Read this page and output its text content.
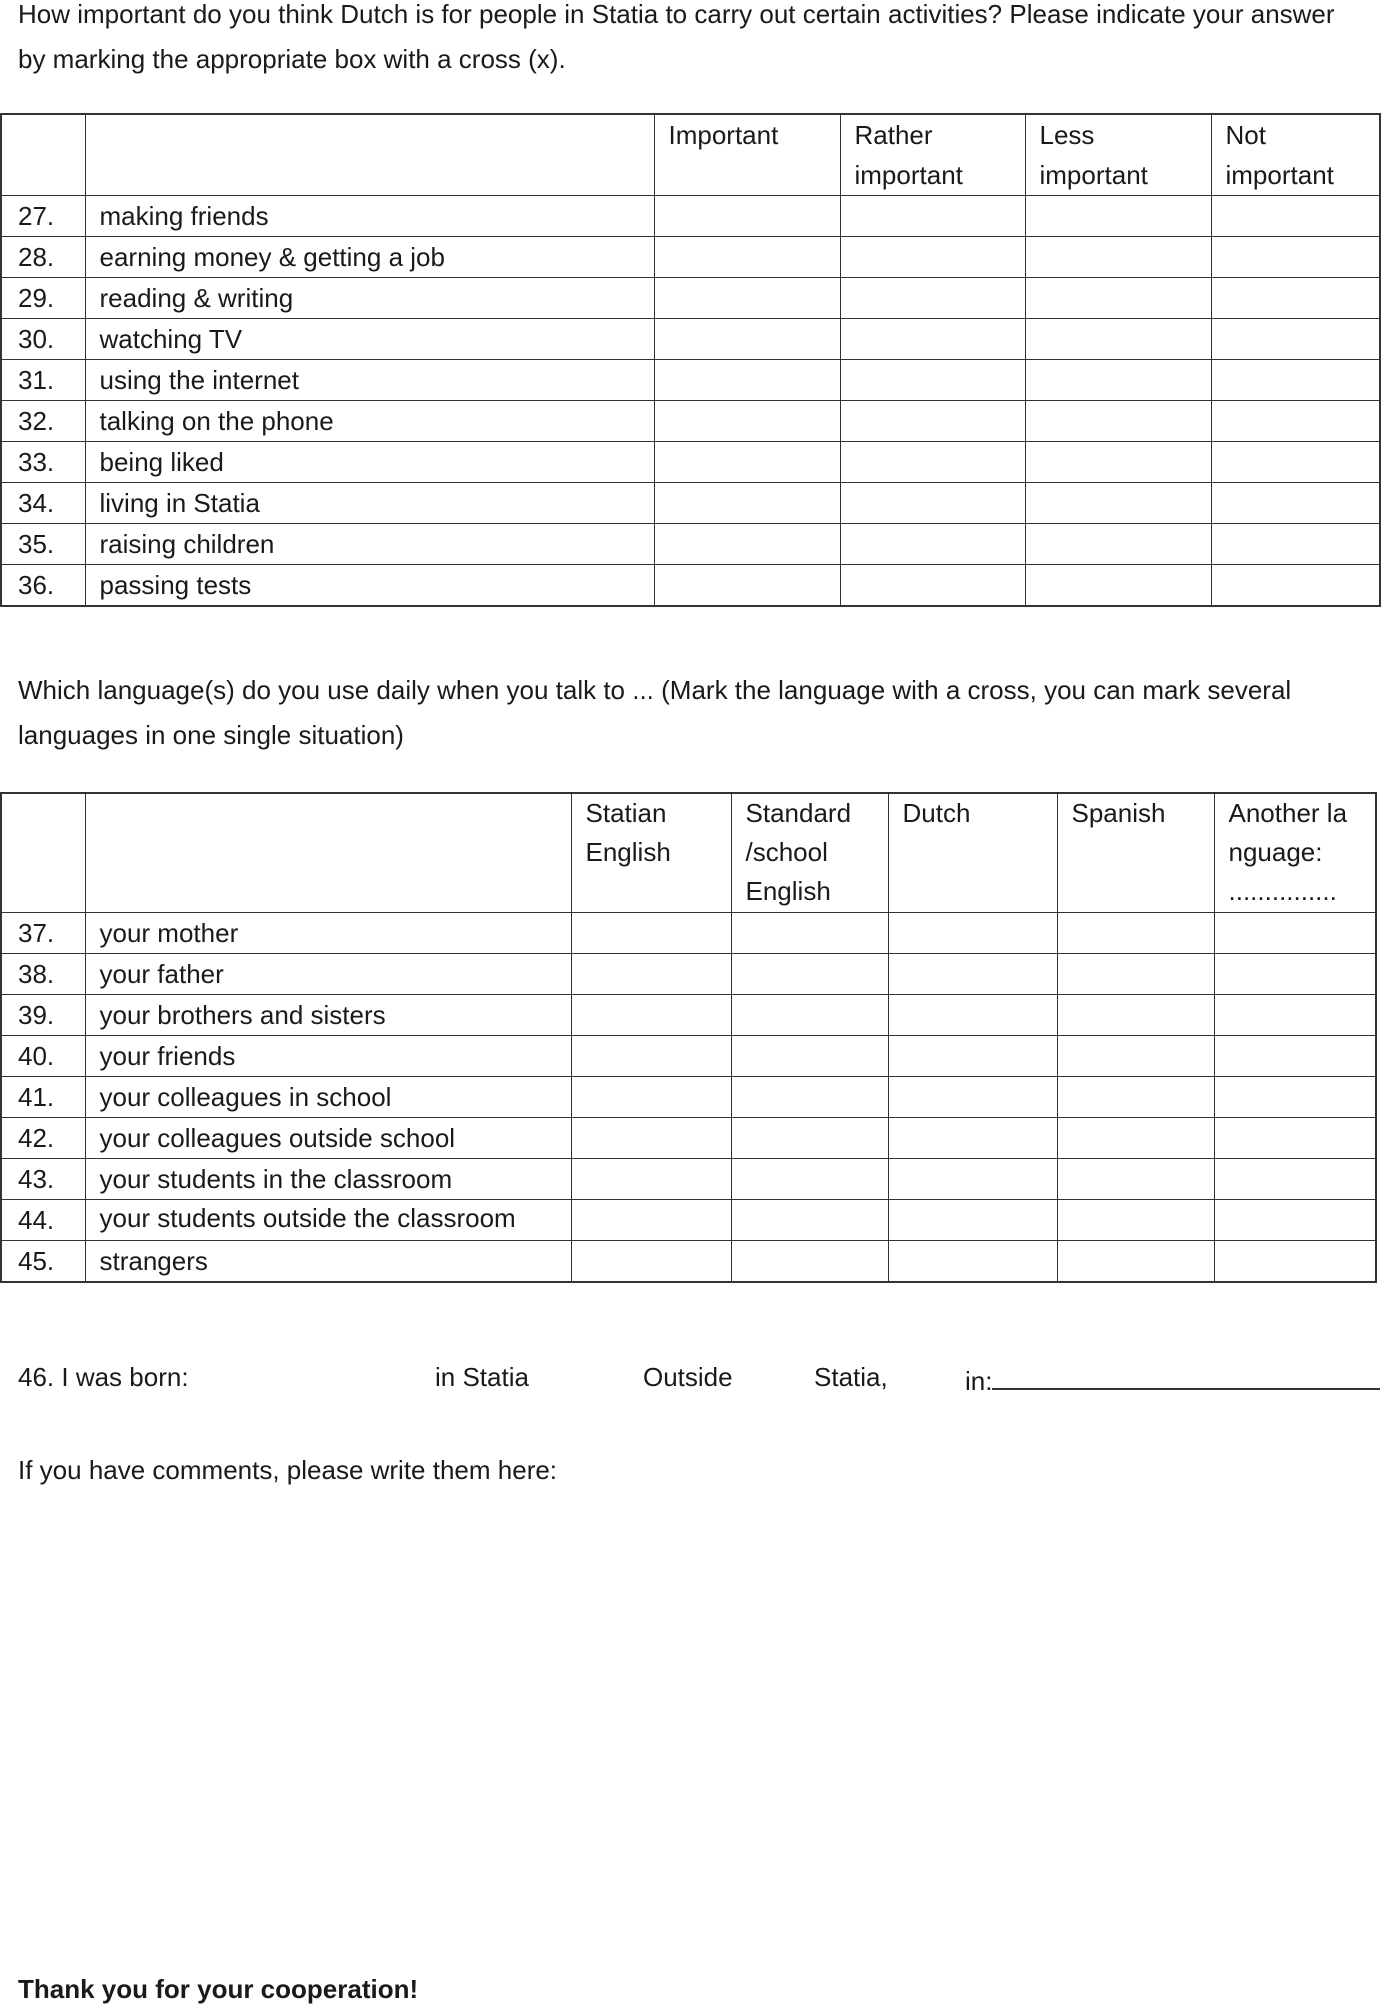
How important do you think Dutch is for people in Statia to carry out certain activities? Please indicate your answer by marking the appropriate box with a cross (x).
		Important	Rather important	Less important	Not important
27.	making friends				
28.	earning money & getting a job				
29.	reading & writing				
30.	watching TV				
31.	using the internet				
32.	talking on the phone				
33.	being liked				
34.	living in Statia				
35.	raising children				
36.	passing tests				
Which language(s) do you use daily when you talk to ... (Mark the language with a cross, you can mark several languages in one single situation)
		Statian English	Standard /school English	Dutch	Spanish	Another language: ...............
37.	your mother					
38.	your father					
39.	your brothers and sisters					
40.	your friends					
41.	your colleagues in school					
42.	your colleagues outside school					
43.	your students in the classroom					
44.	your students outside the classroom					
45.	strangers					
46. I was born:	in Statia	Outside	Statia,	in:
If you have comments, please write them here:
Thank you for your cooperation!
